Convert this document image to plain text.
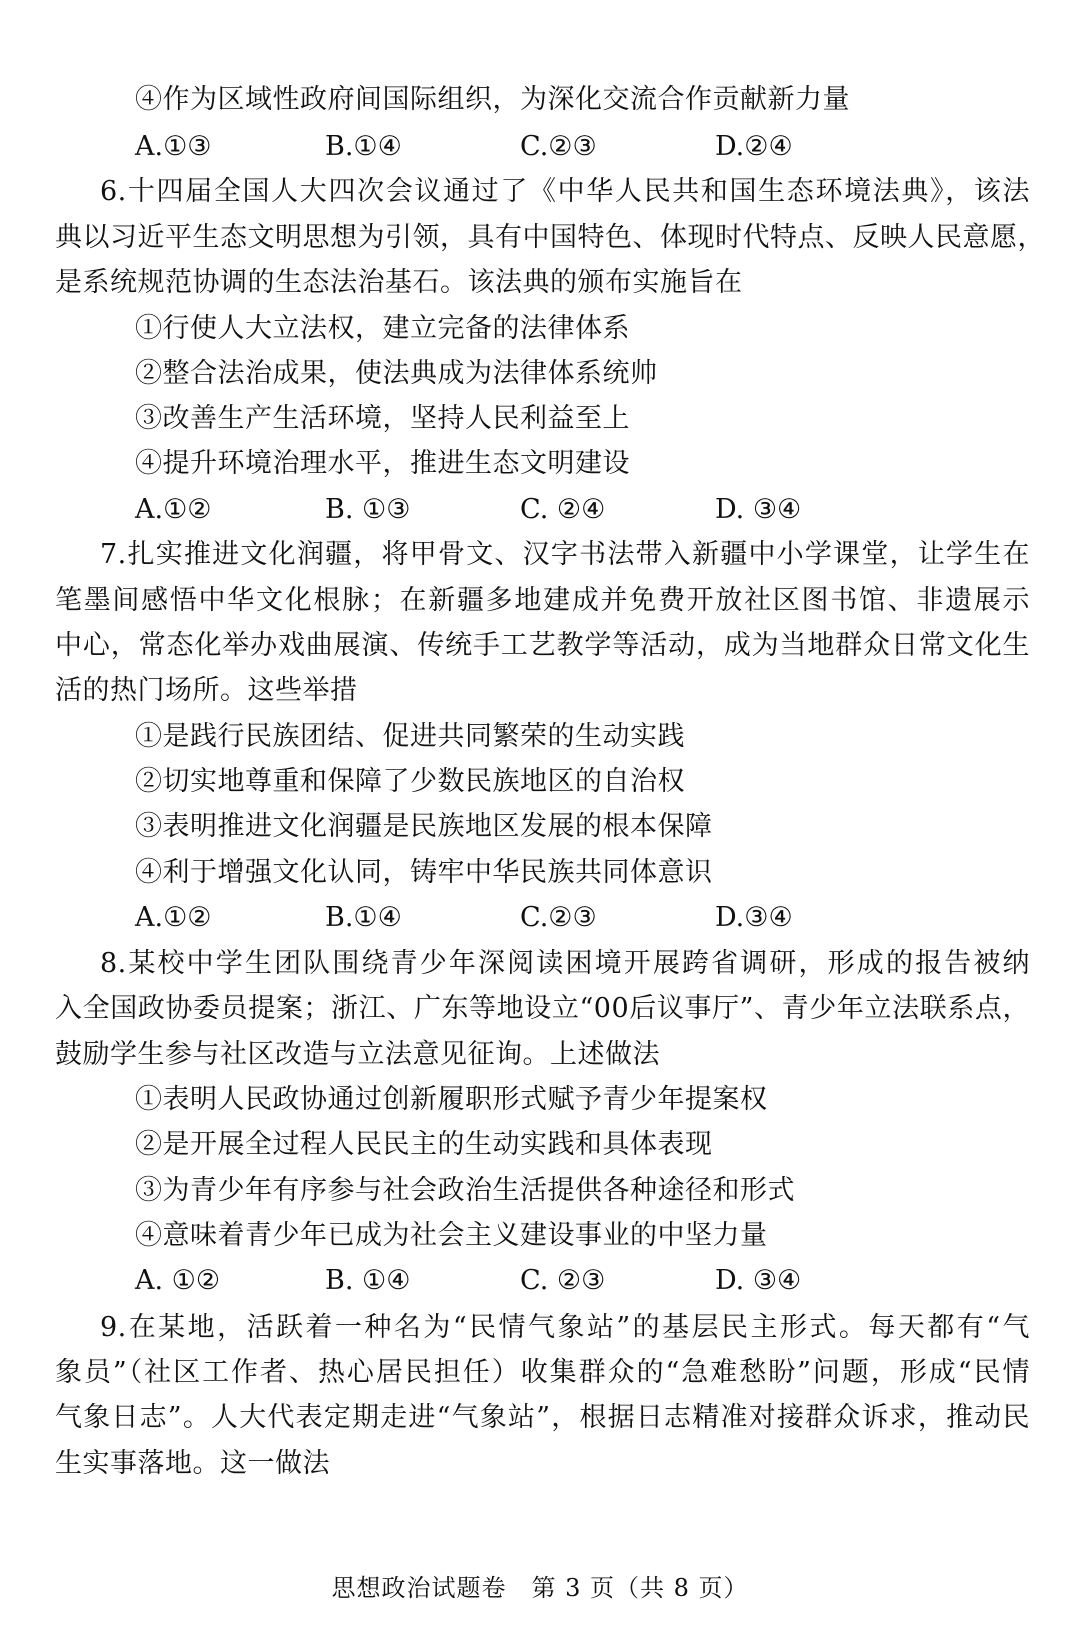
④作为区域性政府间国际组织，为深化交流合作贡献新力量
A.①③	B.①④	C.②③	D.②④
6.十四届全国人大四次会议通过了《中华人民共和国生态环境法典》，该法
典以习近平生态文明思想为引领，具有中国特色、体现时代特点、反映人民意愿，
是系统规范协调的生态法治基石。该法典的颁布实施旨在
①行使人大立法权，建立完备的法律体系
②整合法治成果，使法典成为法律体系统帅
③改善生产生活环境，坚持人民利益至上
④提升环境治理水平，推进生态文明建设
A.①②	B. ①③	C. ②④	D. ③④
7.扎实推进文化润疆，将甲骨文、汉字书法带入新疆中小学课堂，让学生在
笔墨间感悟中华文化根脉；在新疆多地建成并免费开放社区图书馆、非遗展示
中心，常态化举办戏曲展演、传统手工艺教学等活动，成为当地群众日常文化生
活的热门场所。这些举措
①是践行民族团结、促进共同繁荣的生动实践
②切实地尊重和保障了少数民族地区的自治权
③表明推进文化润疆是民族地区发展的根本保障
④利于增强文化认同，铸牢中华民族共同体意识
A.①②	B.①④	C.②③	D.③④
8.某校中学生团队围绕青少年深阅读困境开展跨省调研，形成的报告被纳
入全国政协委员提案；浙江、广东等地设立“00后议事厅”、青少年立法联系点，
鼓励学生参与社区改造与立法意见征询。上述做法
①表明人民政协通过创新履职形式赋予青少年提案权
②是开展全过程人民民主的生动实践和具体表现
③为青少年有序参与社会政治生活提供各种途径和形式
④意味着青少年已成为社会主义建设事业的中坚力量
A. ①②	B. ①④	C. ②③	D. ③④
9.在某地，活跃着一种名为“民情气象站”的基层民主形式。每天都有“气
象员”（社区工作者、热心居民担任）收集群众的“急难愁盼”问题，形成“民情
气象日志”。人大代表定期走进“气象站”，根据日志精准对接群众诉求，推动民
生实事落地。这一做法
思想政治试题卷　第 3 页（共 8 页）
